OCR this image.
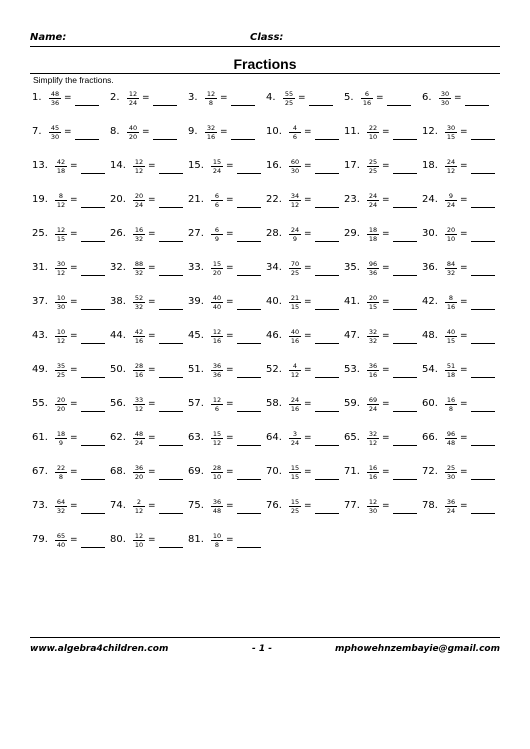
Name:	Class:
Fractions
Simplify the fractions.
1. $\frac{48}{36}$ =	2. $\frac{12}{24}$ =	3. $\frac{12}{8}$ =	4. $\frac{55}{25}$ =	5. $\frac{6}{16}$ =	6. $\frac{30}{30}$ =
7. $\frac{45}{30}$ =	8. $\frac{40}{20}$ =	9. $\frac{32}{16}$ =	10. $\frac{4}{6}$ =	11. $\frac{22}{10}$ =	12. $\frac{30}{15}$ =
13. $\frac{42}{18}$ =	14. $\frac{12}{12}$ =	15. $\frac{15}{24}$ =	16. $\frac{60}{30}$ =	17. $\frac{25}{25}$ =	18. $\frac{24}{12}$ =
19. $\frac{8}{12}$ =	20. $\frac{20}{24}$ =	21. $\frac{6}{6}$ =	22. $\frac{34}{12}$ =	23. $\frac{24}{24}$ =	24. $\frac{9}{24}$ =
25. $\frac{12}{15}$ =	26. $\frac{16}{32}$ =	27. $\frac{6}{9}$ =	28. $\frac{24}{9}$ =	29. $\frac{18}{18}$ =	30. $\frac{20}{10}$ =
31. $\frac{30}{12}$ =	32. $\frac{88}{32}$ =	33. $\frac{15}{20}$ =	34. $\frac{70}{25}$ =	35. $\frac{96}{36}$ =	36. $\frac{84}{32}$ =
37. $\frac{10}{30}$ =	38. $\frac{52}{32}$ =	39. $\frac{40}{40}$ =	40. $\frac{21}{15}$ =	41. $\frac{20}{15}$ =	42. $\frac{8}{16}$ =
43. $\frac{10}{12}$ =	44. $\frac{42}{16}$ =	45. $\frac{12}{16}$ =	46. $\frac{40}{16}$ =	47. $\frac{32}{32}$ =	48. $\frac{40}{15}$ =
49. $\frac{35}{25}$ =	50. $\frac{28}{16}$ =	51. $\frac{36}{36}$ =	52. $\frac{4}{12}$ =	53. $\frac{36}{16}$ =	54. $\frac{51}{18}$ =
55. $\frac{20}{20}$ =	56. $\frac{33}{12}$ =	57. $\frac{12}{6}$ =	58. $\frac{24}{16}$ =	59. $\frac{69}{24}$ =	60. $\frac{16}{8}$ =
61. $\frac{18}{9}$ =	62. $\frac{48}{24}$ =	63. $\frac{15}{12}$ =	64. $\frac{3}{24}$ =	65. $\frac{32}{12}$ =	66. $\frac{96}{48}$ =
67. $\frac{22}{8}$ =	68. $\frac{36}{20}$ =	69. $\frac{28}{10}$ =	70. $\frac{15}{15}$ =	71. $\frac{16}{16}$ =	72. $\frac{25}{30}$ =
73. $\frac{64}{32}$ =	74. $\frac{2}{12}$ =	75. $\frac{36}{48}$ =	76. $\frac{15}{25}$ =	77. $\frac{12}{30}$ =	78. $\frac{36}{24}$ =
79. $\frac{65}{40}$ =	80. $\frac{12}{10}$ =	81. $\frac{10}{8}$ =
www.algebra4children.com	- 1 -	mphowehnzembayie@gmail.com
